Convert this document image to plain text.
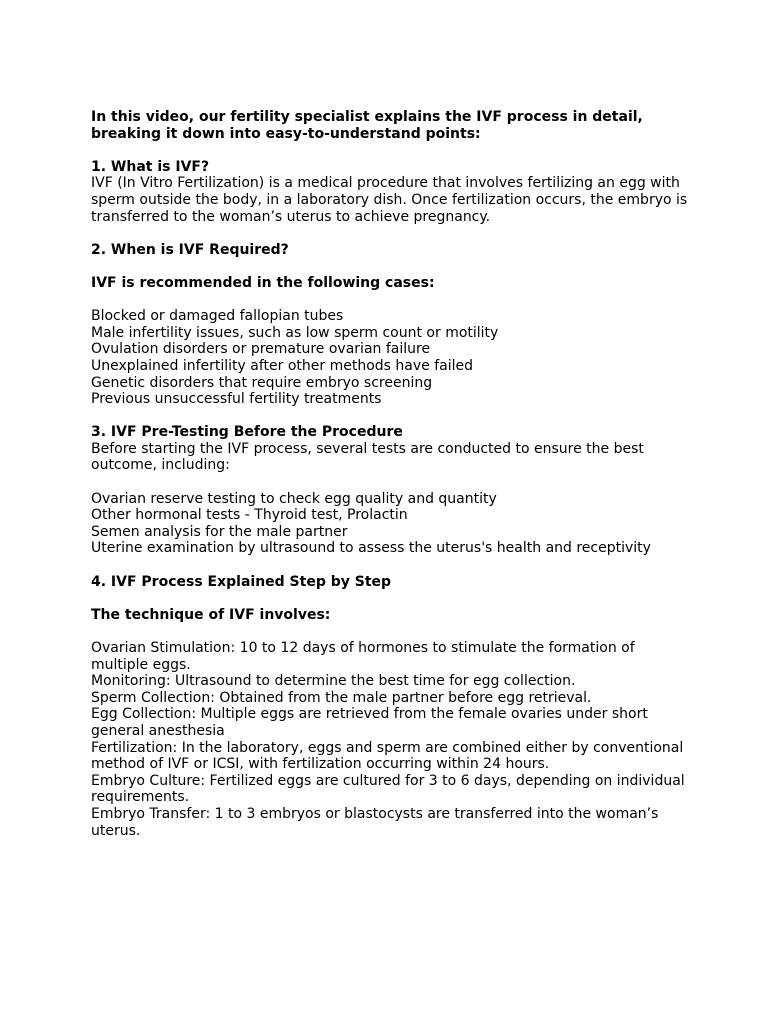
In this video, our fertility specialist explains the IVF process in detail, breaking it down into easy-to-understand points:

1. What is IVF?

IVF (In Vitro Fertilization) is a medical procedure that involves fertilizing an egg with sperm outside the body, in a laboratory dish. Once fertilization occurs, the embryo is transferred to the woman’s uterus to achieve pregnancy.

2. When is IVF Required?

IVF is recommended in the following cases:

Blocked or damaged fallopian tubes
Male infertility issues, such as low sperm count or motility
Ovulation disorders or premature ovarian failure
Unexplained infertility after other methods have failed
Genetic disorders that require embryo screening
Previous unsuccessful fertility treatments

3. IVF Pre-Testing Before the Procedure

Before starting the IVF process, several tests are conducted to ensure the best outcome, including:

Ovarian reserve testing to check egg quality and quantity
Other hormonal tests - Thyroid test, Prolactin
Semen analysis for the male partner
Uterine examination by ultrasound to assess the uterus's health and receptivity

4. IVF Process Explained Step by Step

The technique of IVF involves:

Ovarian Stimulation: 10 to 12 days of hormones to stimulate the formation of multiple eggs.
Monitoring: Ultrasound to determine the best time for egg collection.
Sperm Collection: Obtained from the male partner before egg retrieval.
Egg Collection: Multiple eggs are retrieved from the female ovaries under short general anesthesia
Fertilization: In the laboratory, eggs and sperm are combined either by conventional method of IVF or ICSI, with fertilization occurring within 24 hours.
Embryo Culture: Fertilized eggs are cultured for 3 to 6 days, depending on individual requirements.
Embryo Transfer: 1 to 3 embryos or blastocysts are transferred into the woman’s uterus.
